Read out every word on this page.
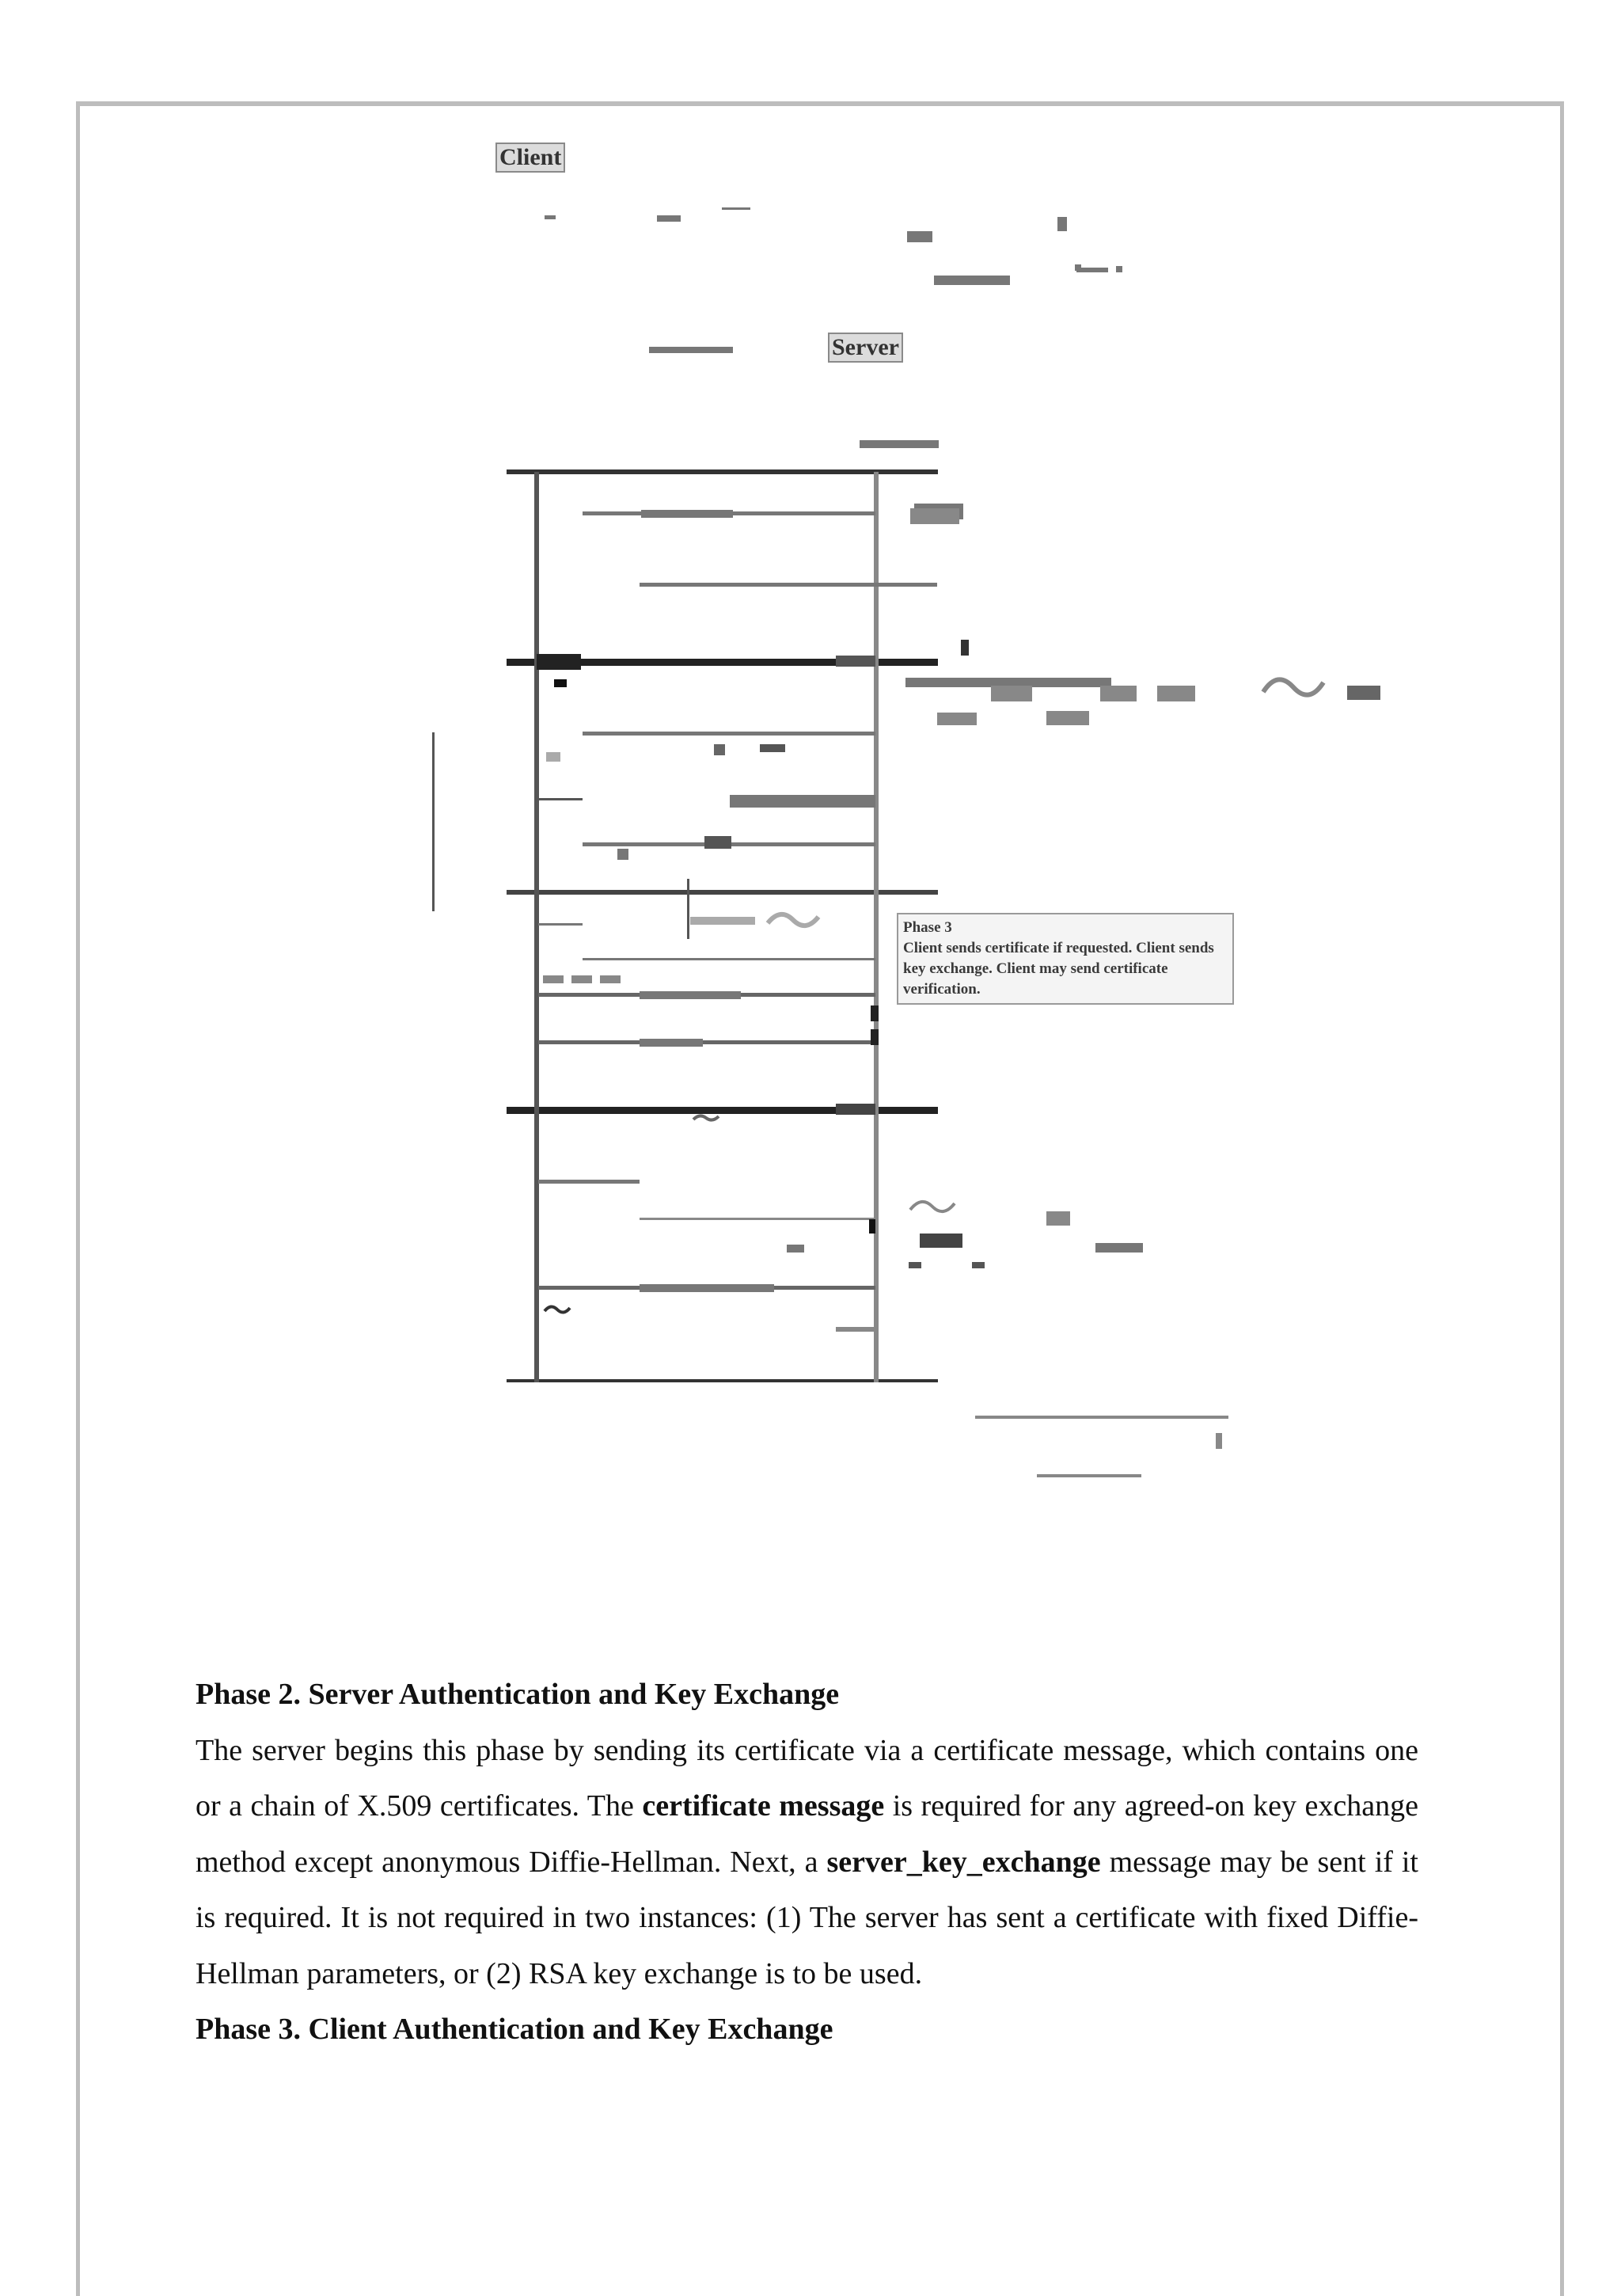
Client
Server
Phase 3
Client sends certificate if requested. Client sends key exchange. Client may send certificate verification.

Phase 2. Server Authentication and Key Exchange

The server begins this phase by sending its certificate via a certificate message, which contains one or a chain of X.509 certificates. The certificate message is required for any agreed-on key exchange method except anonymous Diffie-Hellman. Next, a server_key_exchange message may be sent if it is required. It is not required in two instances: (1) The server has sent a certificate with fixed Diffie-Hellman parameters, or (2) RSA key exchange is to be used.

Phase 3. Client Authentication and Key Exchange
